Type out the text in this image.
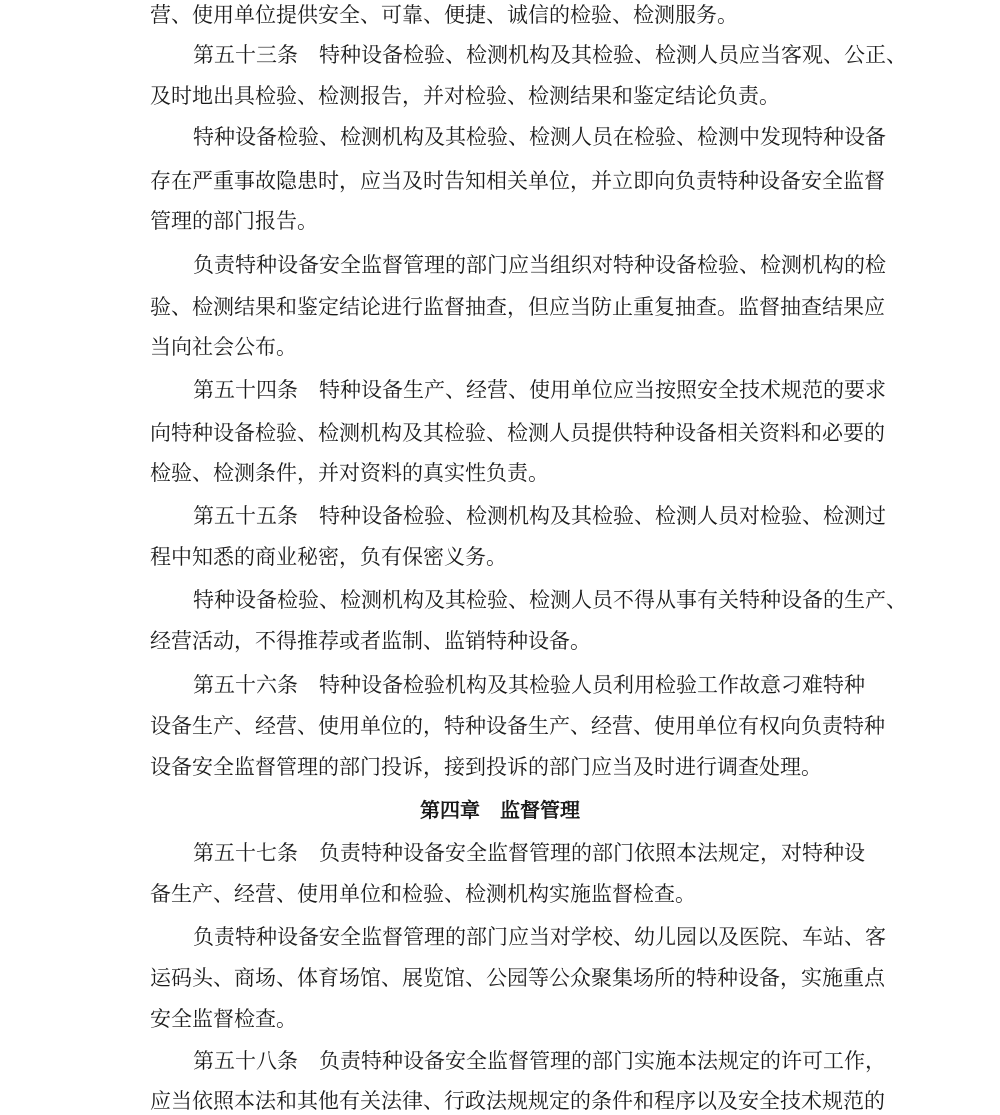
营、使用单位提供安全、可靠、便捷、诚信的检验、检测服务。
第五十三条　特种设备检验、检测机构及其检验、检测人员应当客观、公正、
及时地出具检验、检测报告，并对检验、检测结果和鉴定结论负责。
特种设备检验、检测机构及其检验、检测人员在检验、检测中发现特种设备
存在严重事故隐患时，应当及时告知相关单位，并立即向负责特种设备安全监督
管理的部门报告。
负责特种设备安全监督管理的部门应当组织对特种设备检验、检测机构的检
验、检测结果和鉴定结论进行监督抽查，但应当防止重复抽查。监督抽查结果应
当向社会公布。
第五十四条　特种设备生产、经营、使用单位应当按照安全技术规范的要求
向特种设备检验、检测机构及其检验、检测人员提供特种设备相关资料和必要的
检验、检测条件，并对资料的真实性负责。
第五十五条　特种设备检验、检测机构及其检验、检测人员对检验、检测过
程中知悉的商业秘密，负有保密义务。
特种设备检验、检测机构及其检验、检测人员不得从事有关特种设备的生产、
经营活动，不得推荐或者监制、监销特种设备。
第五十六条　特种设备检验机构及其检验人员利用检验工作故意刁难特种
设备生产、经营、使用单位的，特种设备生产、经营、使用单位有权向负责特种
设备安全监督管理的部门投诉，接到投诉的部门应当及时进行调查处理。
第四章　监督管理
第五十七条　负责特种设备安全监督管理的部门依照本法规定，对特种设
备生产、经营、使用单位和检验、检测机构实施监督检查。
负责特种设备安全监督管理的部门应当对学校、幼儿园以及医院、车站、客
运码头、商场、体育场馆、展览馆、公园等公众聚集场所的特种设备，实施重点
安全监督检查。
第五十八条　负责特种设备安全监督管理的部门实施本法规定的许可工作，
应当依照本法和其他有关法律、行政法规规定的条件和程序以及安全技术规范的
